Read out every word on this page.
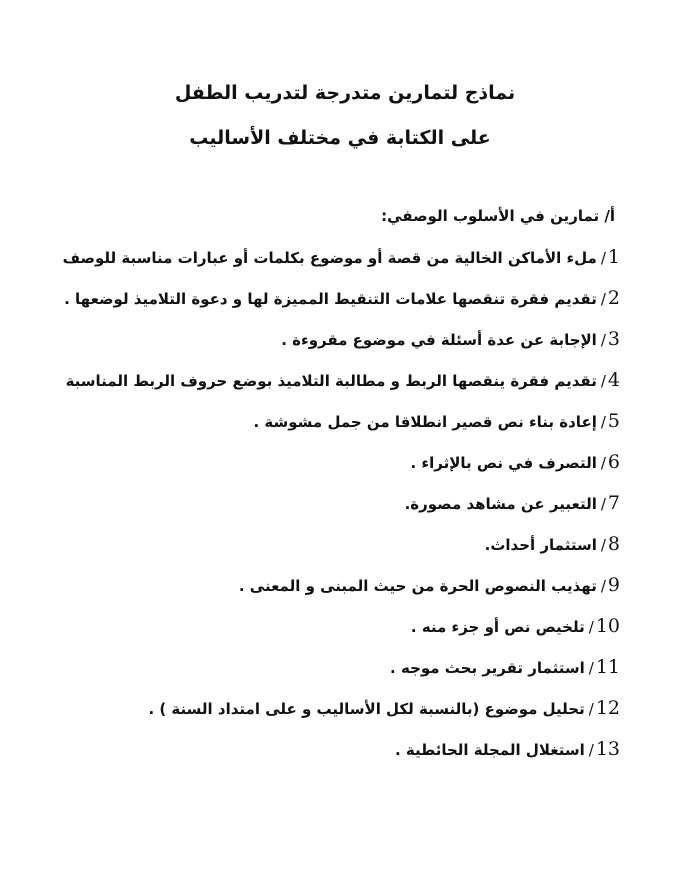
نماذج لتمارين متدرجة لتدريب الطفل
على الكتابة في مختلف الأساليب
أ/ تمارين في الأسلوب الوصفي:
1/ملء الأماكن الخالية من قصة أو موضوع بكلمات أو عبارات مناسبة للوصف
2/تقديم فقرة تنقصها علامات التنقيط المميزة لها و دعوة التلاميذ لوضعها .
3/الإجابة عن عدة أسئلة في موضوع مقروءة .
4/تقديم فقرة ينقصها الربط و مطالبة التلاميذ بوضع حروف الربط المناسبة
5/إعادة بناء نص قصير انطلاقا من جمل مشوشة .
6/التصرف في نص بالإثراء .
7/التعبير عن مشاهد مصورة.
8/استثمار أحداث.
9/تهذيب النصوص الحرة من حيث المبنى و المعنى .
10/تلخيص نص أو جزء منه .
11/استثمار تقرير بحث موجه .
12/تحليل موضوع (بالنسبة لكل الأساليب و على امتداد السنة ) .
13/استغلال المجلة الحائطية .
